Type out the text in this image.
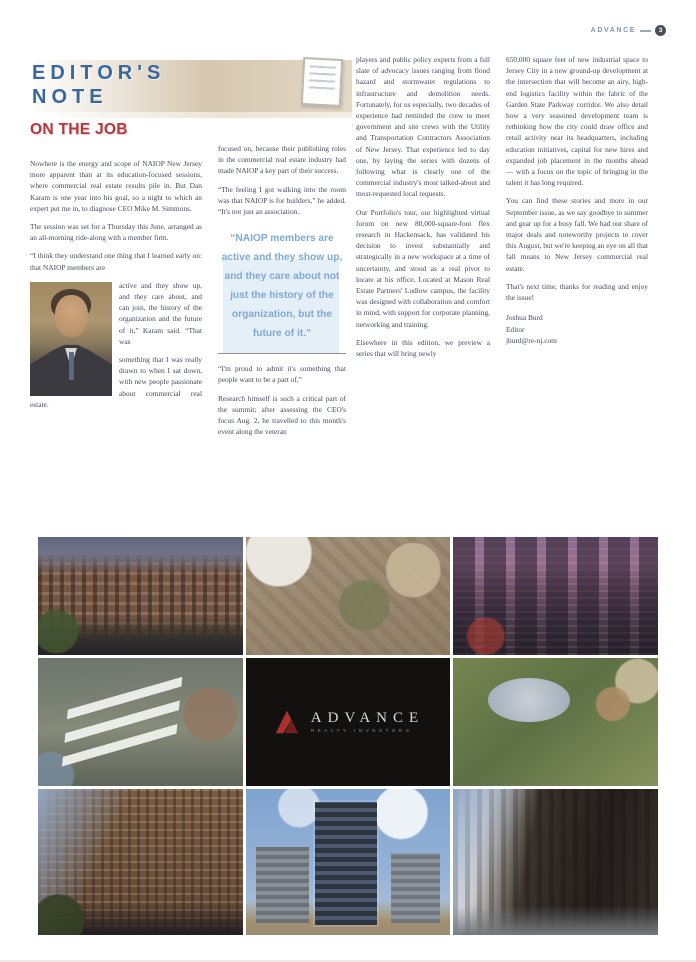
ADVANCE	3
EDITOR'S
NOTE
ON THE JOB

Nowhere is the energy and scope of NAIOP New Jersey more apparent than at its education-focused sessions, where commercial real estate results pile in. But Dan Karam is one year into his goal, so a night to which an expert put me in, to diagnose CEO Mike M. Simmons.

The session was set for a Thursday this June, arranged as an all-morning ride-along with a member firm.

“I think they understand one thing that I learned early on: that NAIOP members are

active and they show up, and they care about, and can join, the history of the organization and the future of it,” Karam said. “That was

something that I was really drawn to when I sat down, with new people passionate about commercial real estate.

focused on, because their publishing roles in the commercial real estate industry had made NAIOP a key part of their success.

“The feeling I got walking into the room was that NAIOP is for builders,” he added. “It's not just an association.

“NAIOP members are active and they show up, and they care about not just the history of the organization, but the future of it.”

“I'm proud to admit it's something that people want to be a part of.”

Research himself is such a critical part of the summit; after assessing the CEO's focus Aug. 2, he travelled to this month's event along the veteran

players and public policy experts from a full slate of advocacy issues ranging from flood hazard and stormwater regulations to infrastructure and demolition needs. Fortunately, for us especially, two decades of experience had reminded the crew to meet government and site crews with the Utility and Transportation Contractors Association of New Jersey. That experience led to day one, by laying the series with dozens of following what is clearly one of the commercial industry's most talked-about and most-requested local requests.

Our Portfolio's tour, our highlighted virtual forum on new 80,000-square-foot flex research in Hackensack, has validated his decision to invest substantially and strategically in a new workspace at a time of uncertainty, and stood as a real pivot to locate at his office. Located at Mason Real Estate Partners' Ludlow campus, the facility was designed with collaboration and comfort in mind, with support for corporate planning, networking and training.

Elsewhere in this edition, we preview a series that will bring newly

650,000 square feet of new industrial space to Jersey City in a new ground-up development at the intersection that will become an airy, high-end logistics facility within the fabric of the Garden State Parkway corridor. We also detail how a very seasoned development team is rethinking how the city could draw office and retail activity near its headquarters, including education initiatives, capital for new hires and expanded job placement in the months ahead — with a focus on the topic of bringing in the talent it has long required.

You can find these stories and more in our September issue, as we say goodbye to summer and gear up for a busy fall. We had our share of major deals and noteworthy projects to cover this August, but we're keeping an eye on all that fall means to New Jersey commercial real estate.

That's next time, thanks for reading and enjoy the issue!

Joshua Burd
Editor
jburd@re-nj.com
ADVANCE
REALTY INVESTORS
